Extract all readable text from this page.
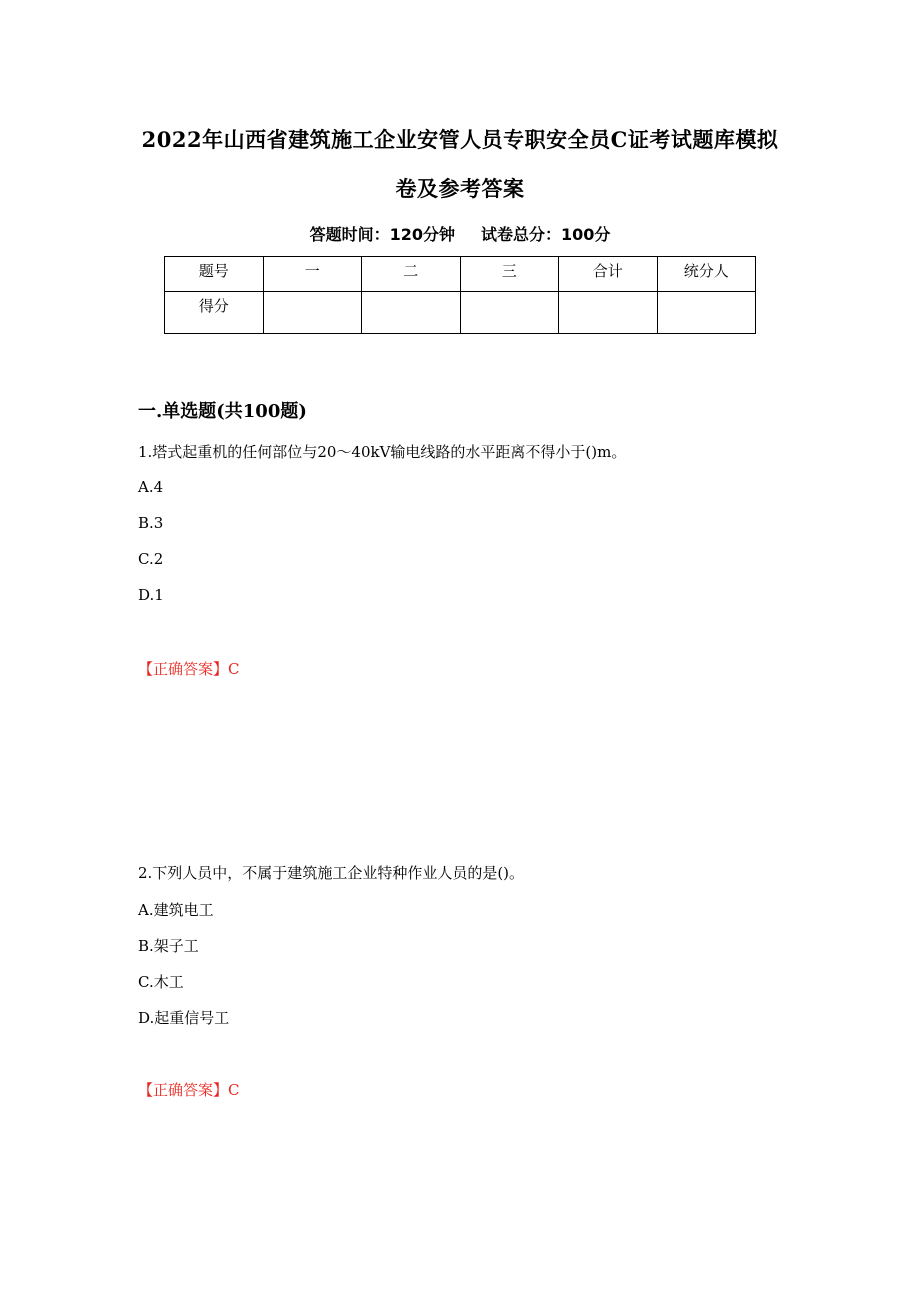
2022年山西省建筑施工企业安管人员专职安全员C证考试题库模拟
卷及参考答案
答题时间：120分钟 试卷总分：100分
题号	一	二	三	合计	统分人
得分					
一.单选题(共100题)
1.塔式起重机的任何部位与20～40kV输电线路的水平距离不得小于()m。
A.4
B.3
C.2
D.1
【正确答案】C
2.下列人员中，不属于建筑施工企业特种作业人员的是()。
A.建筑电工
B.架子工
C.木工
D.起重信号工
【正确答案】C
